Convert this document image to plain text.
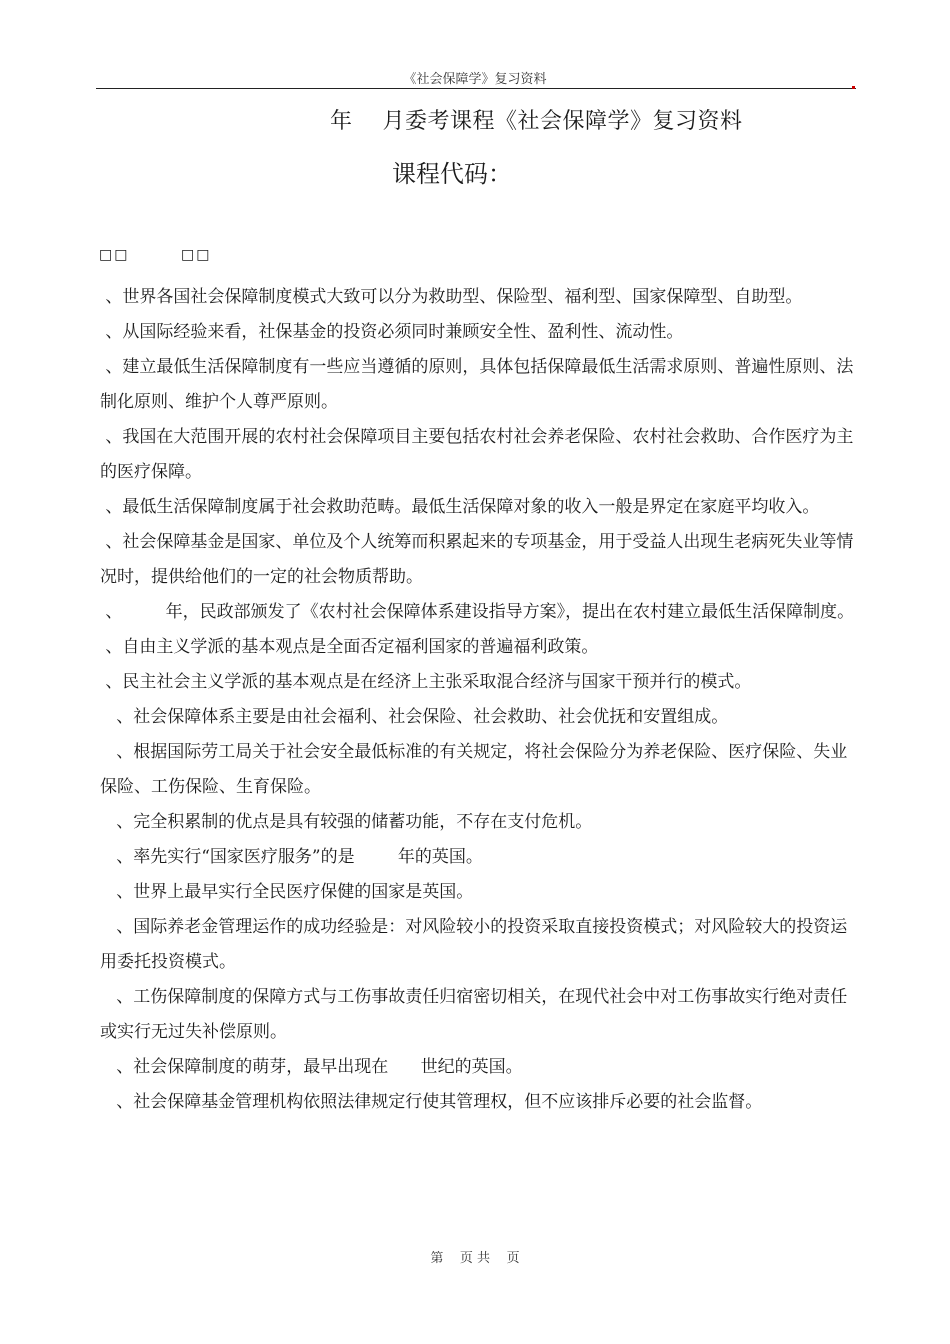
《社会保障学》复习资料
年    月委考课程《社会保障学》复习资料
课程代码：
□□        □□

、世界各国社会保障制度模式大致可以分为救助型、保险型、福利型、国家保障型、自助型。

、从国际经验来看，社保基金的投资必须同时兼顾安全性、盈利性、流动性。

、建立最低生活保障制度有一些应当遵循的原则，具体包括保障最低生活需求原则、普遍性原则、法制化原则、维护个人尊严原则。

、我国在大范围开展的农村社会保障项目主要包括农村社会养老保险、农村社会救助、合作医疗为主的医疗保障。

、最低生活保障制度属于社会救助范畴。最低生活保障对象的收入一般是界定在家庭平均收入。

、社会保障基金是国家、单位及个人统筹而积累起来的专项基金，用于受益人出现生老病死失业等情况时，提供给他们的一定的社会物质帮助。

、        年，民政部颁发了《农村社会保障体系建设指导方案》，提出在农村建立最低生活保障制度。

、自由主义学派的基本观点是全面否定福利国家的普遍福利政策。

、民主社会主义学派的基本观点是在经济上主张采取混合经济与国家干预并行的模式。

、社会保障体系主要是由社会福利、社会保险、社会救助、社会优抚和安置组成。

、根据国际劳工局关于社会安全最低标准的有关规定，将社会保险分为养老保险、医疗保险、失业保险、工伤保险、生育保险。

、完全积累制的优点是具有较强的储蓄功能，不存在支付危机。

、率先实行“国家医疗服务”的是        年的英国。

、世界上最早实行全民医疗保健的国家是英国。

、国际养老金管理运作的成功经验是：对风险较小的投资采取直接投资模式；对风险较大的投资运用委托投资模式。

、工伤保障制度的保障方式与工伤事故责任归宿密切相关，在现代社会中对工伤事故实行绝对责任或实行无过失补偿原则。

、社会保障制度的萌芽，最早出现在      世纪的英国。

、社会保障基金管理机构依照法律规定行使其管理权，但不应该排斥必要的社会监督。

第    页 共    页
